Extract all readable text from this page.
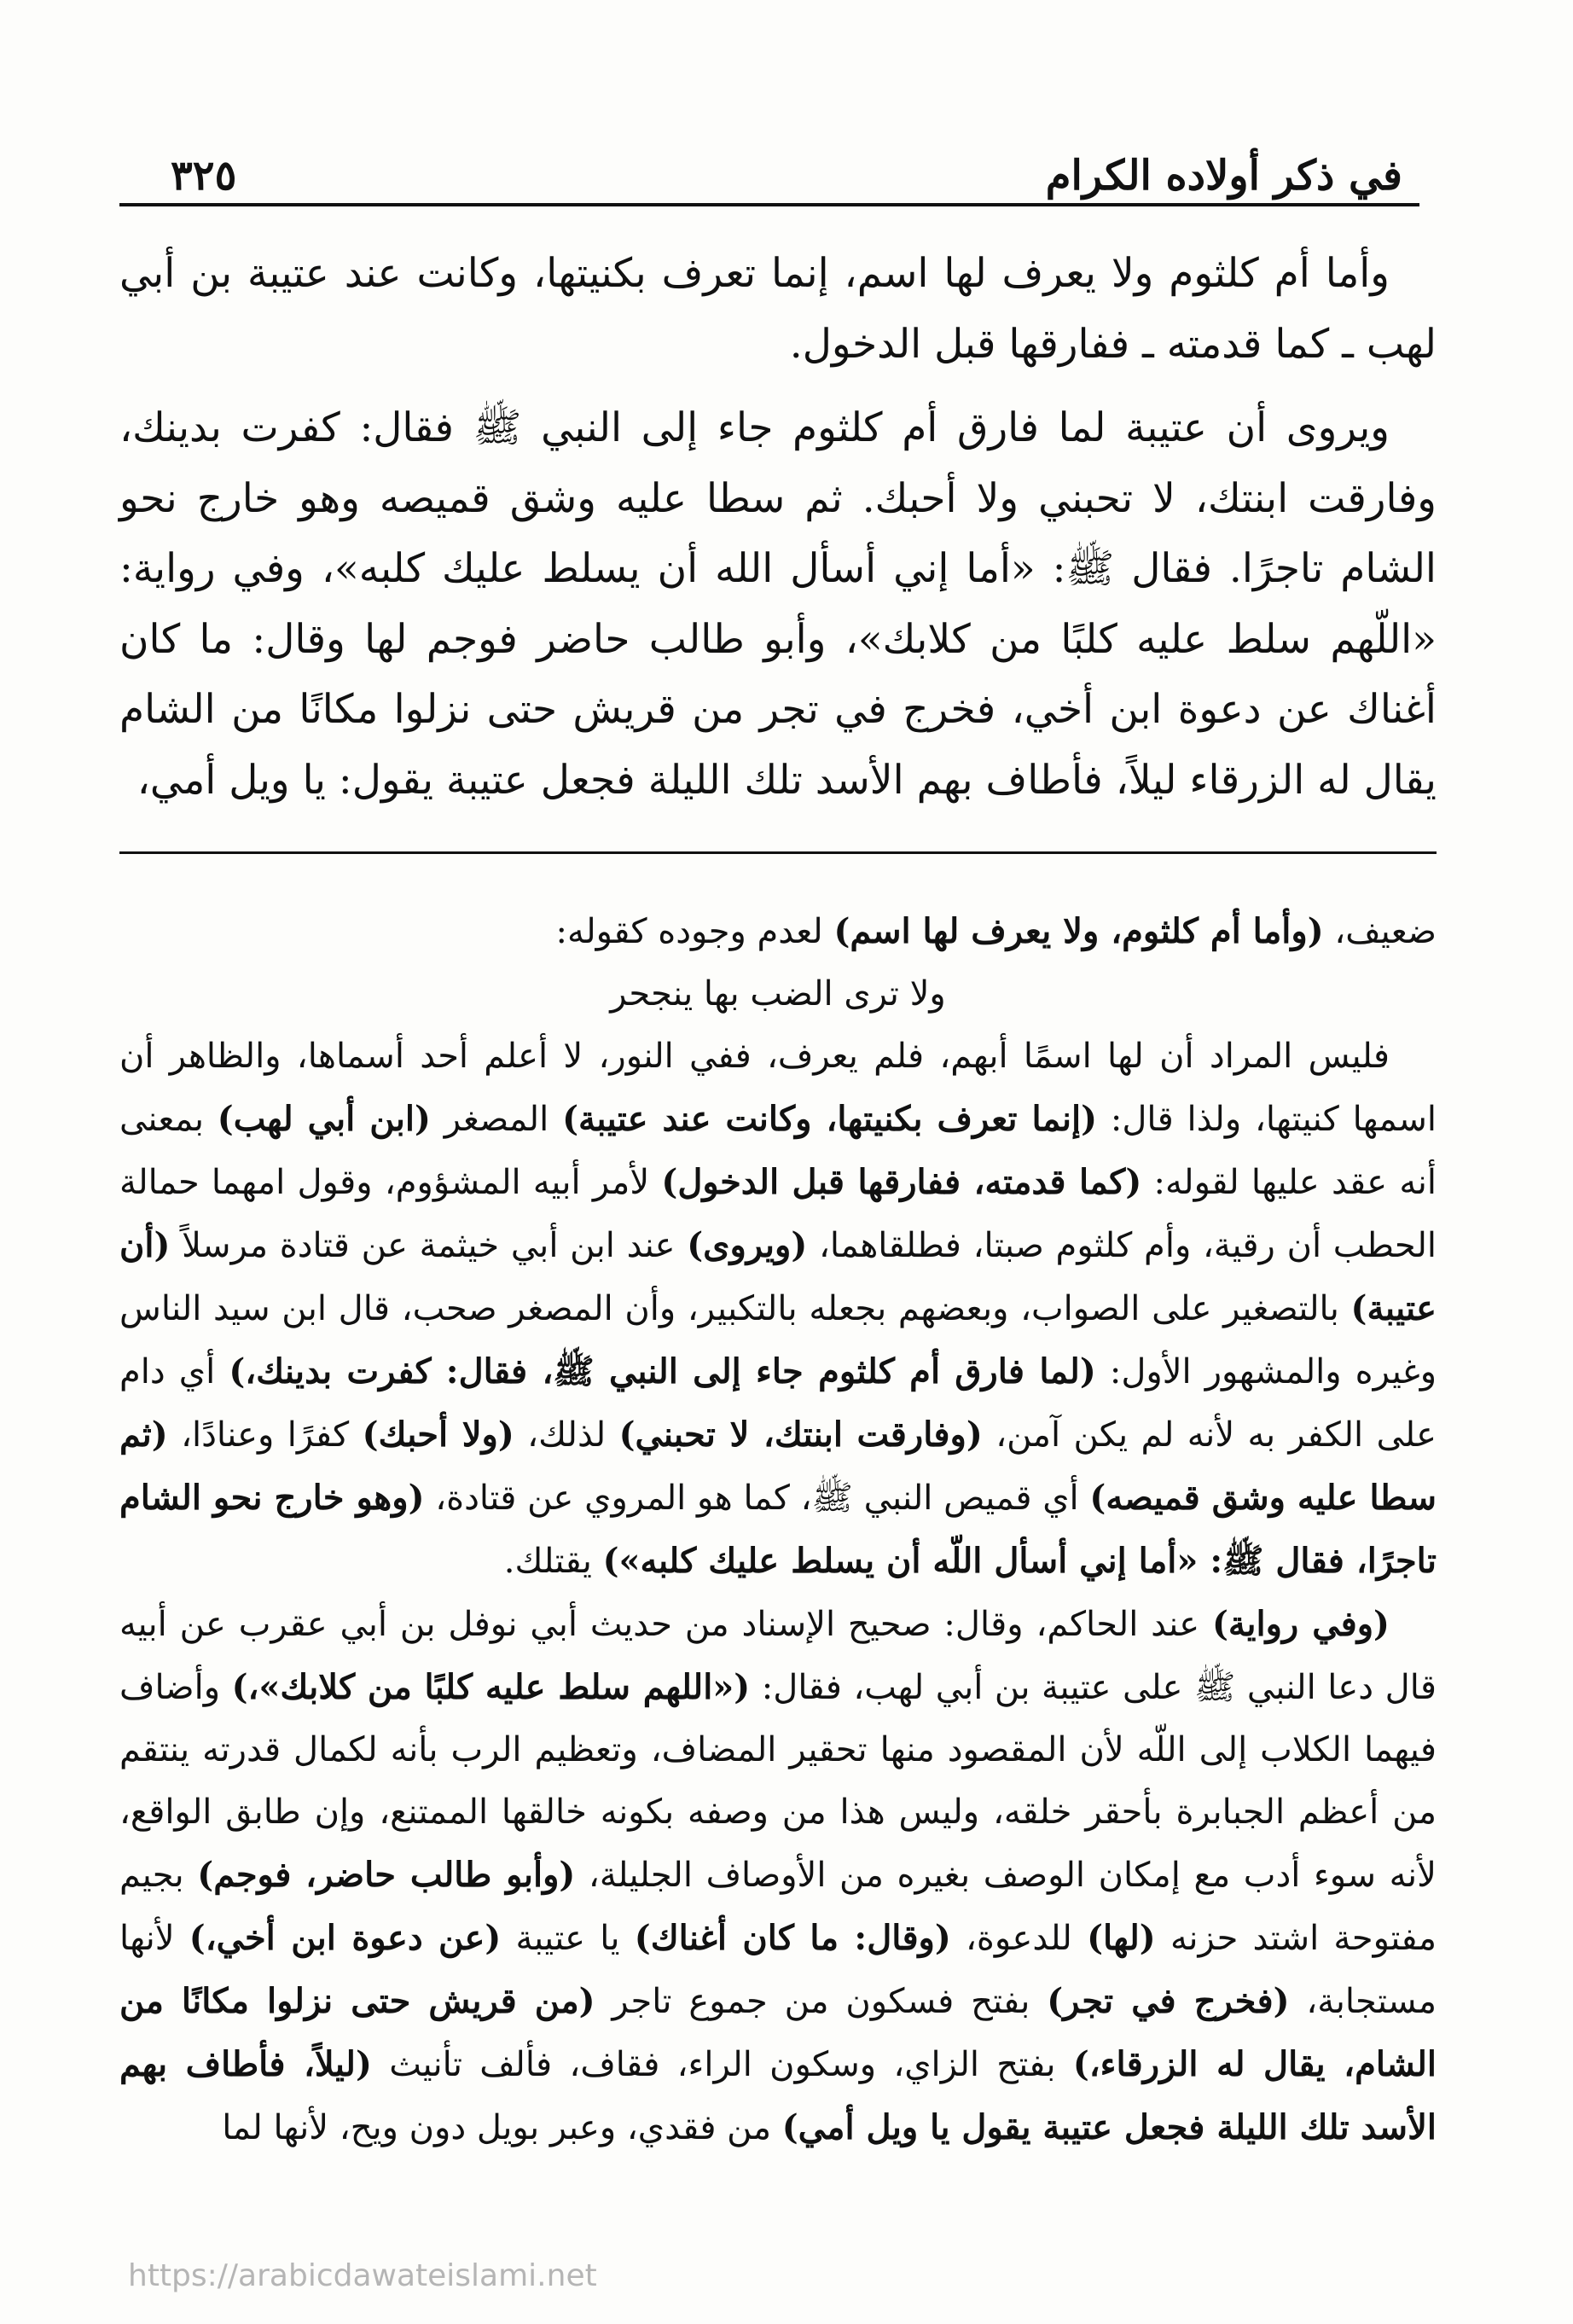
في ذكر أولاده الكرام
٣٢٥

وأما أم كلثوم ولا يعرف لها اسم، إنما تعرف بكنيتها، وكانت عند عتيبة بن أبي لهب ـ كما قدمته ـ ففارقها قبل الدخول.

ويروى أن عتيبة لما فارق أم كلثوم جاء إلى النبي ﷺ فقال: كفرت بدينك، وفارقت ابنتك، لا تحبني ولا أحبك. ثم سطا عليه وشق قميصه وهو خارج نحو الشام تاجرًا. فقال ﷺ: «أما إني أسأل الله أن يسلط عليك كلبه»، وفي رواية: «اللّهم سلط عليه كلبًا من كلابك»، وأبو طالب حاضر فوجم لها وقال: ما كان أغناك عن دعوة ابن أخي، فخرج في تجر من قريش حتى نزلوا مكانًا من الشام يقال له الزرقاء ليلاً، فأطاف بهم الأسد تلك الليلة فجعل عتيبة يقول: يا ويل أمي،

ضعيف، (وأما أم كلثوم، ولا يعرف لها اسم) لعدم وجوده كقوله:

ولا ترى الضب بها ينجحر

فليس المراد أن لها اسمًا أبهم، فلم يعرف، ففي النور، لا أعلم أحد أسماها، والظاهر أن اسمها كنيتها، ولذا قال: (إنما تعرف بكنيتها، وكانت عند عتيبة) المصغر (ابن أبي لهب) بمعنى أنه عقد عليها لقوله: (كما قدمته، ففارقها قبل الدخول) لأمر أبيه المشؤوم، وقول امهما حمالة الحطب أن رقية، وأم كلثوم صبتا، فطلقاهما، (ويروى) عند ابن أبي خيثمة عن قتادة مرسلاً (أن عتيبة) بالتصغير على الصواب، وبعضهم بجعله بالتكبير، وأن المصغر صحب، قال ابن سيد الناس وغيره والمشهور الأول: (لما فارق أم كلثوم جاء إلى النبي ﷺ، فقال: كفرت بدينك،) أي دام على الكفر به لأنه لم يكن آمن، (وفارقت ابنتك، لا تحبني) لذلك، (ولا أحبك) كفرًا وعنادًا، (ثم سطا عليه وشق قميصه) أي قميص النبي ﷺ، كما هو المروي عن قتادة، (وهو خارج نحو الشام تاجرًا، فقال ﷺ: «أما إني أسأل اللّه أن يسلط عليك كلبه») يقتلك.

(وفي رواية) عند الحاكم، وقال: صحيح الإسناد من حديث أبي نوفل بن أبي عقرب عن أبيه قال دعا النبي ﷺ على عتيبة بن أبي لهب، فقال: («اللهم سلط عليه كلبًا من كلابك»،) وأضاف فيهما الكلاب إلى اللّه لأن المقصود منها تحقير المضاف، وتعظيم الرب بأنه لكمال قدرته ينتقم من أعظم الجبابرة بأحقر خلقه، وليس هذا من وصفه بكونه خالقها الممتنع، وإن طابق الواقع، لأنه سوء أدب مع إمكان الوصف بغيره من الأوصاف الجليلة، (وأبو طالب حاضر، فوجم) بجيم مفتوحة اشتد حزنه (لها) للدعوة، (وقال: ما كان أغناك) يا عتيبة (عن دعوة ابن أخي،) لأنها مستجابة، (فخرج في تجر) بفتح فسكون من جموع تاجر (من قريش حتى نزلوا مكانًا من الشام، يقال له الزرقاء،) بفتح الزاي، وسكون الراء، فقاف، فألف تأنيث (ليلاً، فأطاف بهم الأسد تلك الليلة فجعل عتيبة يقول يا ويل أمي) من فقدي، وعبر بويل دون ويح، لأنها لما

https://arabicdawateislami.net
